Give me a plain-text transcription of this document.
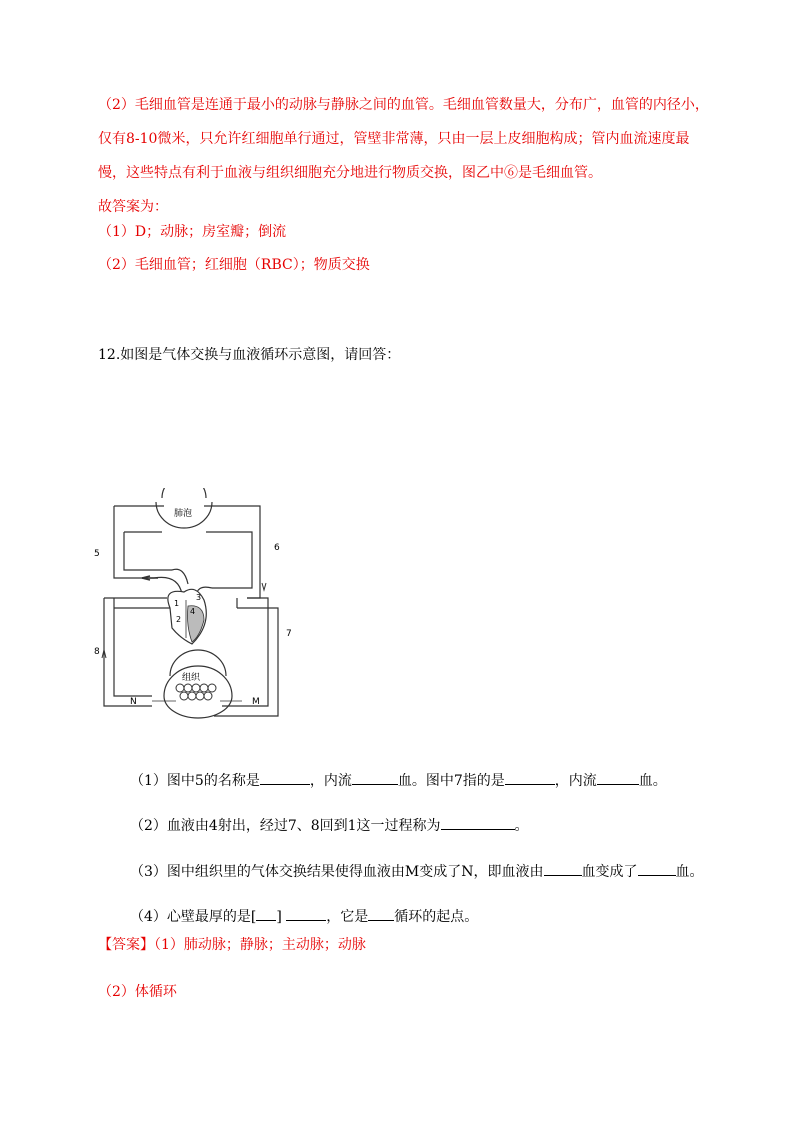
（2）毛细血管是连通于最小的动脉与静脉之间的血管。毛细血管数量大，分布广，血管的内径小，
仅有8-10微米，只允许红细胞单行通过，管壁非常薄，只由一层上皮细胞构成；管内血流速度最
慢，这些特点有利于血液与组织细胞充分地进行物质交换，图乙中⑥是毛细血管。
故答案为：
（1）D；动脉；房室瓣；倒流
（2）毛细血管；红细胞（RBC）；物质交换
12.如图是气体交换与血液循环示意图，请回答：
肺泡
组织
5
6
7
8
N	M
1
2
3
4
（1）图中5的名称是	，内流	血。图中7指的是	，内流	血。
（2）血液由4射出，经过7、8回到1这一过程称为	。
（3）图中组织里的气体交换结果使得血液由M变成了N，即血液由	血变成了	血。
（4）心壁最厚的是[ ]	，它是 循环的起点。
【答案】（1）肺动脉；静脉；主动脉；动脉
（2）体循环
